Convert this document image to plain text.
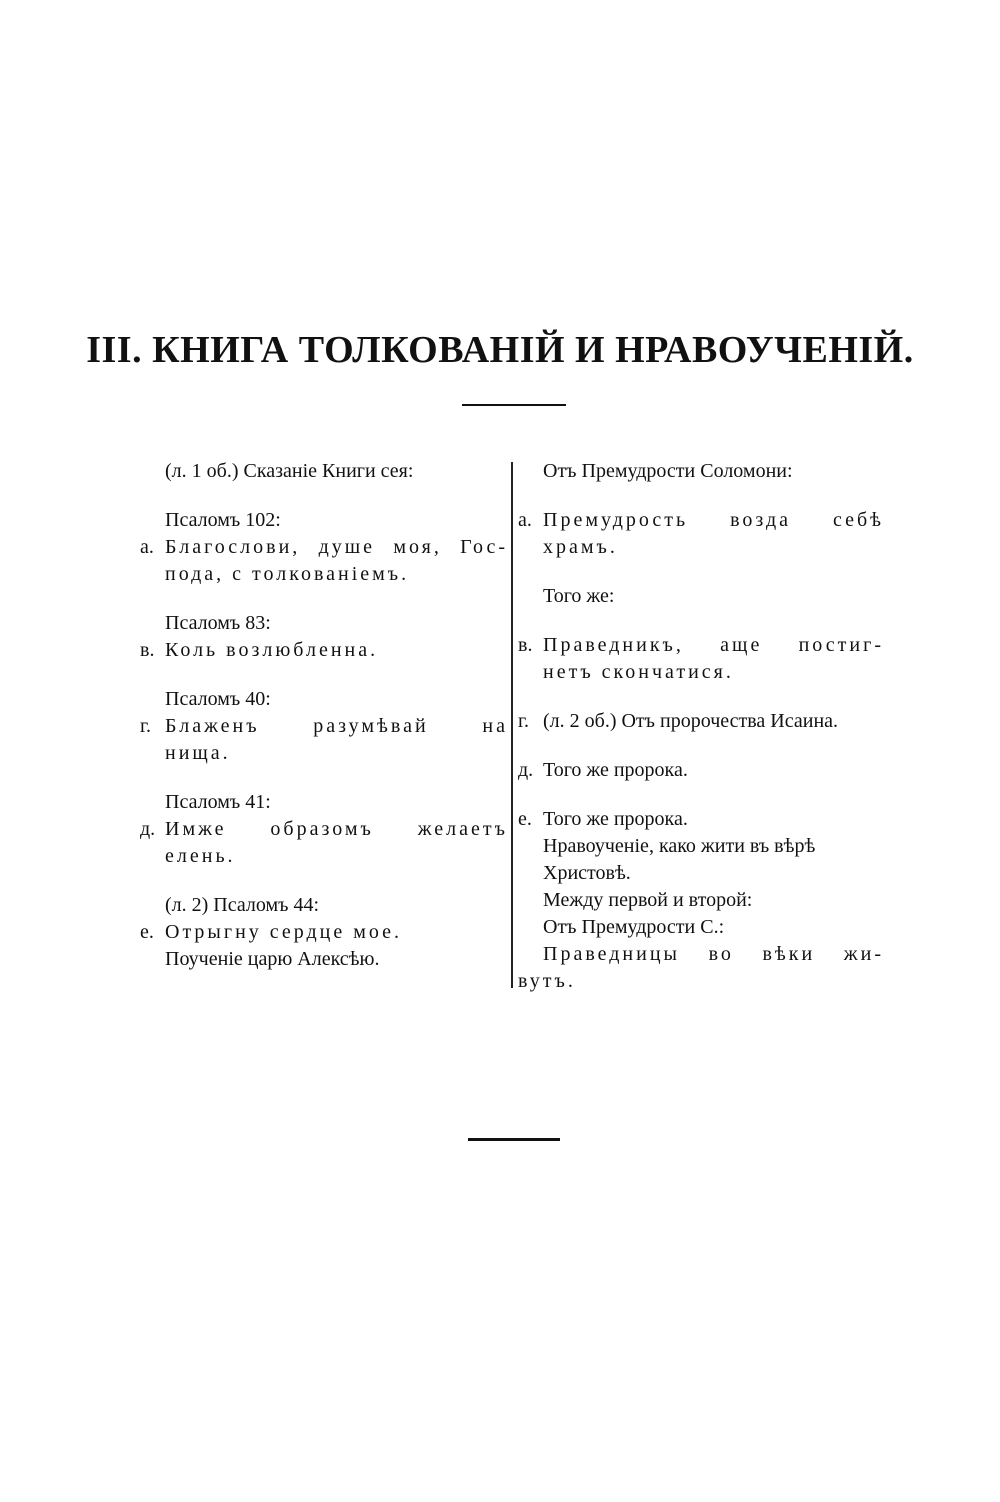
III. КНИГА ТОЛКОВАНІЙ И НРАВОУЧЕНІЙ.
(л. 1 об.) Сказаніе Книги сея:
Псаломъ 102:
а. Благослови, душе моя, Гос-
пода, с толкованіемъ.
Псаломъ 83:
в. Коль возлюбленна.
Псаломъ 40:
г. Блаженъ разумѣвай на
нища.
Псаломъ 41:
д. Имже образомъ желаетъ
елень.
(л. 2) Псаломъ 44:
е. Отрыгну сердце мое.
Поученіе царю Алексѣю.
Отъ Премудрости Соломони:
а. Премудрость возда себѣ
храмъ.
Того же:
в. Праведникъ, аще постиг-
нетъ скончатися.
г. (л. 2 об.) Отъ пророчества Исаина.
д. Того же пророка.
е. Того же пророка.
Нравоученіе, како жити въ вѣрѣ
Христовѣ.
Между первой и второй:
Отъ Премудрости С.:
Праведницы во вѣки жи-
вутъ.
